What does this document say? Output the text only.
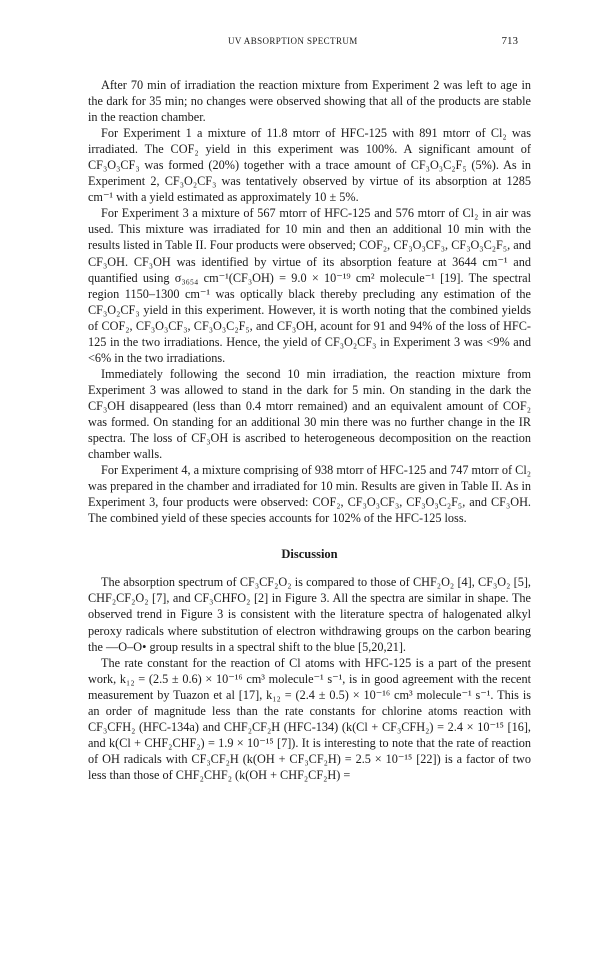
UV ABSORPTION SPECTRUM	713

After 70 min of irradiation the reaction mixture from Experiment 2 was left to age in the dark for 35 min; no changes were observed showing that all of the products are stable in the reaction chamber.

For Experiment 1 a mixture of 11.8 mtorr of HFC-125 with 891 mtorr of Cl₂ was irradiated. The COF₂ yield in this experiment was 100%. A significant amount of CF₃O₃CF₃ was formed (20%) together with a trace amount of CF₃O₃C₂F₅ (5%). As in Experiment 2, CF₃O₂CF₃ was tentatively observed by virtue of its absorption at 1285 cm⁻¹ with a yield estimated as approximately 10 ± 5%.

For Experiment 3 a mixture of 567 mtorr of HFC-125 and 576 mtorr of Cl₂ in air was used. This mixture was irradiated for 10 min and then an additional 10 min with the results listed in Table II. Four products were observed; COF₂, CF₃O₃CF₃, CF₃O₃C₂F₅, and CF₃OH. CF₃OH was identified by virtue of its absorption feature at 3644 cm⁻¹ and quantified using σ₃₆₅₄ cm⁻¹(CF₃OH) = 9.0 × 10⁻¹⁹ cm² molecule⁻¹ [19]. The spectral region 1150–1300 cm⁻¹ was optically black thereby precluding any estimation of the CF₃O₂CF₃ yield in this experiment. However, it is worth noting that the combined yields of COF₂, CF₃O₃CF₃, CF₃O₃C₂F₅, and CF₃OH, acount for 91 and 94% of the loss of HFC-125 in the two irradiations. Hence, the yield of CF₃O₂CF₃ in Experiment 3 was <9% and <6% in the two irradiations.

Immediately following the second 10 min irradiation, the reaction mixture from Experiment 3 was allowed to stand in the dark for 5 min. On standing in the dark the CF₃OH disappeared (less than 0.4 mtorr remained) and an equivalent amount of COF₂ was formed. On standing for an additional 30 min there was no further change in the IR spectra. The loss of CF₃OH is ascribed to heterogeneous decomposition on the reaction chamber walls.

For Experiment 4, a mixture comprising of 938 mtorr of HFC-125 and 747 mtorr of Cl₂ was prepared in the chamber and irradiated for 10 min. Results are given in Table II. As in Experiment 3, four products were observed: COF₂, CF₃O₃CF₃, CF₃O₃C₂F₅, and CF₃OH. The combined yield of these species accounts for 102% of the HFC-125 loss.

Discussion

The absorption spectrum of CF₃CF₂O₂ is compared to those of CHF₂O₂ [4], CF₃O₂ [5], CHF₂CF₂O₂ [7], and CF₃CHFO₂ [2] in Figure 3. All the spectra are similar in shape. The observed trend in Figure 3 is consistent with the literature spectra of halogenated alkyl peroxy radicals where substitution of electron withdrawing groups on the carbon bearing the —O–O• group results in a spectral shift to the blue [5,20,21].

The rate constant for the reaction of Cl atoms with HFC-125 is a part of the present work, k₁₂ = (2.5 ± 0.6) × 10⁻¹⁶ cm³ molecule⁻¹ s⁻¹, is in good agreement with the recent measurement by Tuazon et al [17], k₁₂ = (2.4 ± 0.5) × 10⁻¹⁶ cm³ molecule⁻¹ s⁻¹. This is an order of magnitude less than the rate constants for chlorine atoms reaction with CF₃CFH₂ (HFC-134a) and CHF₂CF₂H (HFC-134) (k(Cl + CF₃CFH₂) = 2.4 × 10⁻¹⁵ [16], and k(Cl + CHF₂CHF₂) = 1.9 × 10⁻¹⁵ [7]). It is interesting to note that the rate of reaction of OH radicals with CF₃CF₂H (k(OH + CF₃CF₂H) = 2.5 × 10⁻¹⁵ [22]) is a factor of two less than those of CHF₂CHF₂ (k(OH + CHF₂CF₂H) =
